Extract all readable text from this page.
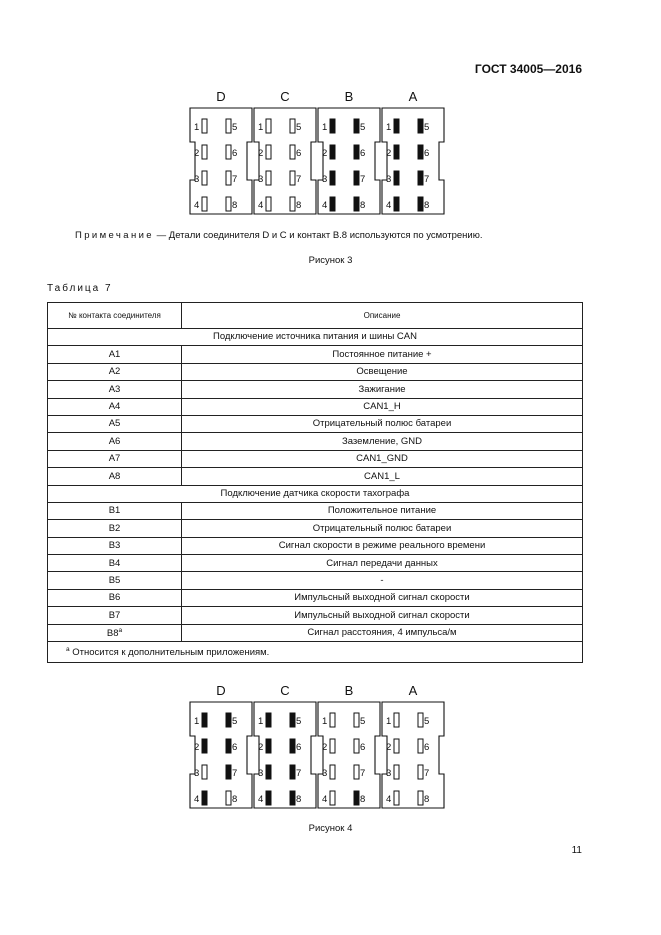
ГОСТ 34005—2016
D
1	5
2	6
3	7
4	8
C
1	5
2	6
3	7
4	8
B
1	5
2	6
3	7
4	8
A
1	5
2	6
3	7
4	8
Примечание — Детали соединителя D и C и контакт B.8 используются по усмотрению.
Рисунок 3
Таблица 7
№ контакта соединителя	Описание
Подключение источника питания и шины CAN	
A1	Постоянное питание +
A2	Освещение
A3	Зажигание
A4	CAN1_H
A5	Отрицательный полюс батареи
A6	Заземление, GND
A7	CAN1_GND
A8	CAN1_L
Подключение датчика скорости тахографа	
B1	Положительное питание
B2	Отрицательный полюс батареи
B3	Сигнал скорости в режиме реального времени
B4	Сигнал передачи данных
B5	-
B6	Импульсный выходной сигнал скорости
B7	Импульсный выходной сигнал скорости
B8$^a$	Сигнал расстояния, 4 импульса/м
$^a$ Относится к дополнительным приложениям.	
D
1	5
2	6
3	7
4	8
C
1	5
2	6
3	7
4	8
B
1	5
2	6
3	7
4	8
A
1	5
2	6
3	7
4	8
Рисунок 4
11
